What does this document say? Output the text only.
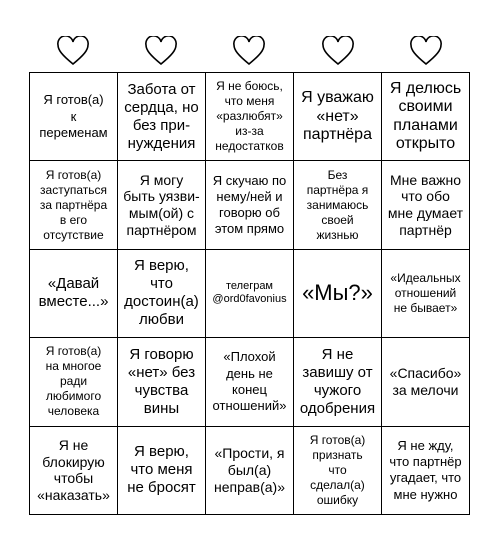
Я готов(а)
к
переменам
Забота от
сердца, но
без при-
нуждения
Я не боюсь,
что меня
«разлюбят»
из-за
недостатков
Я уважаю
«нет»
партнёра
Я делюсь
своими
планами
открыто
Я готов(а)
заступаться
за партнёра
в его
отсутствие
Я могу
быть уязви-
мым(ой) с
партнёром
Я скучаю по
нему/ней и
говорю об
этом прямо
Без
партнёра я
занимаюсь
своей
жизнью
Мне важно
что обо
мне думает
партнёр
«Давай
вместе...»
Я верю,
что
достоин(а)
любви
телеграм
@ord0favonius «Мы?»
«Идеальных
отношений
не бывает»
Я готов(а)
на многое
ради
любимого
человека
Я говорю
«нет» без
чувства
вины
«Плохой
день не
конец
отношений»
Я не
завишу от
чужого
одобрения
«Спасибо»
за мелочи
Я не
блокирую
чтобы
«наказать»
Я верю,
что меня
не бросят
«Прости, я
был(а)
неправ(а)»
Я готов(а)
признать
что
сделал(а)
ошибку
Я не жду,
что партнёр
угадает, что
мне нужно
